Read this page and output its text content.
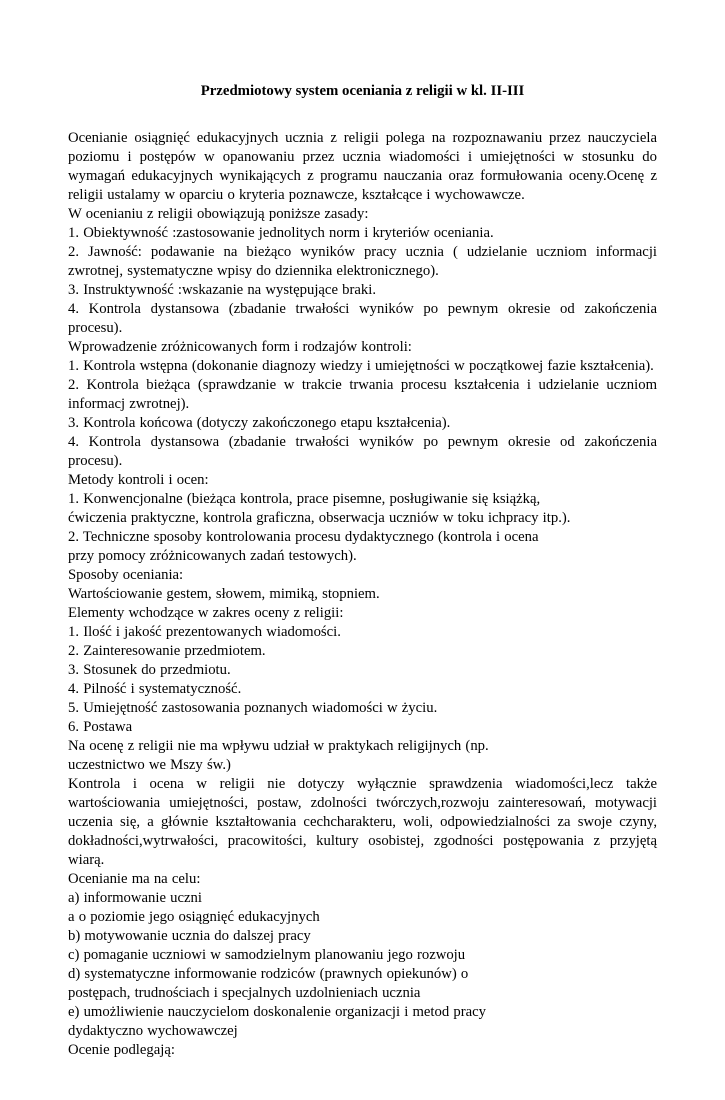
Przedmiotowy system oceniania z religii w kl. II-III

Ocenianie osiągnięć edukacyjnych ucznia z religii polega na rozpoznawaniu przez nauczyciela poziomu i postępów w opanowaniu przez ucznia wiadomości i umiejętności w stosunku do wymagań edukacyjnych wynikających z programu nauczania oraz formułowania oceny.Ocenę z religii ustalamy w oparciu o kryteria poznawcze, kształcące i wychowawcze.

W ocenianiu z religii obowiązują poniższe zasady:

1. Obiektywność :zastosowanie jednolitych norm i kryteriów oceniania.

2. Jawność: podawanie na bieżąco wyników pracy ucznia ( udzielanie uczniom informacji zwrotnej, systematyczne wpisy do dziennika elektronicznego).

3. Instruktywność :wskazanie na występujące braki.

4. Kontrola dystansowa (zbadanie trwałości wyników po pewnym okresie od zakończenia procesu).

Wprowadzenie zróżnicowanych form i rodzajów kontroli:

1. Kontrola wstępna (dokonanie diagnozy wiedzy i umiejętności w początkowej fazie kształcenia).

2. Kontrola bieżąca (sprawdzanie w trakcie trwania procesu kształcenia i udzielanie uczniom informacj zwrotnej).

3. Kontrola końcowa (dotyczy zakończonego etapu kształcenia).

4. Kontrola dystansowa (zbadanie trwałości wyników po pewnym okresie od zakończenia procesu).

Metody kontroli i ocen:

1. Konwencjonalne (bieżąca kontrola, prace pisemne, posługiwanie się książką,

ćwiczenia praktyczne, kontrola graficzna, obserwacja uczniów w toku ichpracy itp.).

2. Techniczne sposoby kontrolowania procesu dydaktycznego (kontrola i ocena

przy pomocy zróżnicowanych zadań testowych).

Sposoby oceniania:

Wartościowanie gestem, słowem, mimiką, stopniem.

Elementy wchodzące w zakres oceny z religii:

1. Ilość i jakość prezentowanych wiadomości.

2. Zainteresowanie przedmiotem.

3. Stosunek do przedmiotu.

4. Pilność i systematyczność.

5. Umiejętność zastosowania poznanych wiadomości w życiu.

6. Postawa

Na ocenę z religii nie ma wpływu udział w praktykach religijnych (np.

uczestnictwo we Mszy św.)

Kontrola i ocena w religii nie dotyczy wyłącznie sprawdzenia wiadomości,lecz także wartościowania umiejętności, postaw, zdolności twórczych,rozwoju zainteresowań, motywacji uczenia się, a głównie kształtowania cechcharakteru, woli, odpowiedzialności za swoje czyny, dokładności,wytrwałości, pracowitości, kultury osobistej, zgodności postępowania z przyjętą wiarą.

Ocenianie ma na celu:

a) informowanie uczni

a o poziomie jego osiągnięć edukacyjnych

b) motywowanie ucznia do dalszej pracy

c) pomaganie uczniowi w samodzielnym planowaniu jego rozwoju

d) systematyczne informowanie rodziców (prawnych opiekunów) o

postępach, trudnościach i specjalnych uzdolnieniach ucznia

e) umożliwienie nauczycielom doskonalenie organizacji i metod pracy

dydaktyczno wychowawczej

Ocenie podlegają:
